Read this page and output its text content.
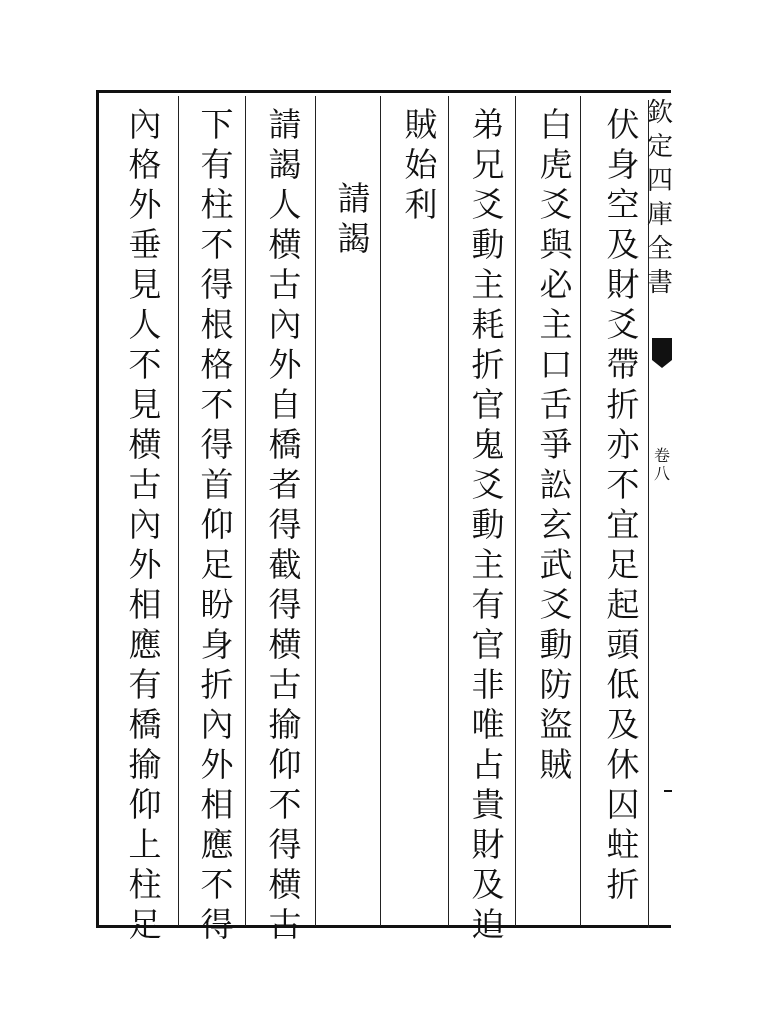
欽
定
四
庫
全
書
卷
八
伏
身
空
及
財
爻
帶
折
亦
不
宜
足
起
頭
低
及
休
囚
蛀
折
白
虎
爻
與
必
主
口
舌
爭
訟
玄
武
爻
動
防
盜
賊
弟
兄
爻
動
主
耗
折
官
鬼
爻
動
主
有
官
非
唯
占
貴
財
及
迫
賊
始
利
請
謁
請
謁
人
横
古
內
外
自
橋
者
得
截
得
横
古
揄
仰
不
得
横
古
下
有
柱
不
得
根
格
不
得
首
仰
足
盼
身
折
內
外
相
應
不
得
內
格
外
垂
見
人
不
見
横
古
內
外
相
應
有
橋
揄
仰
上
柱
足
